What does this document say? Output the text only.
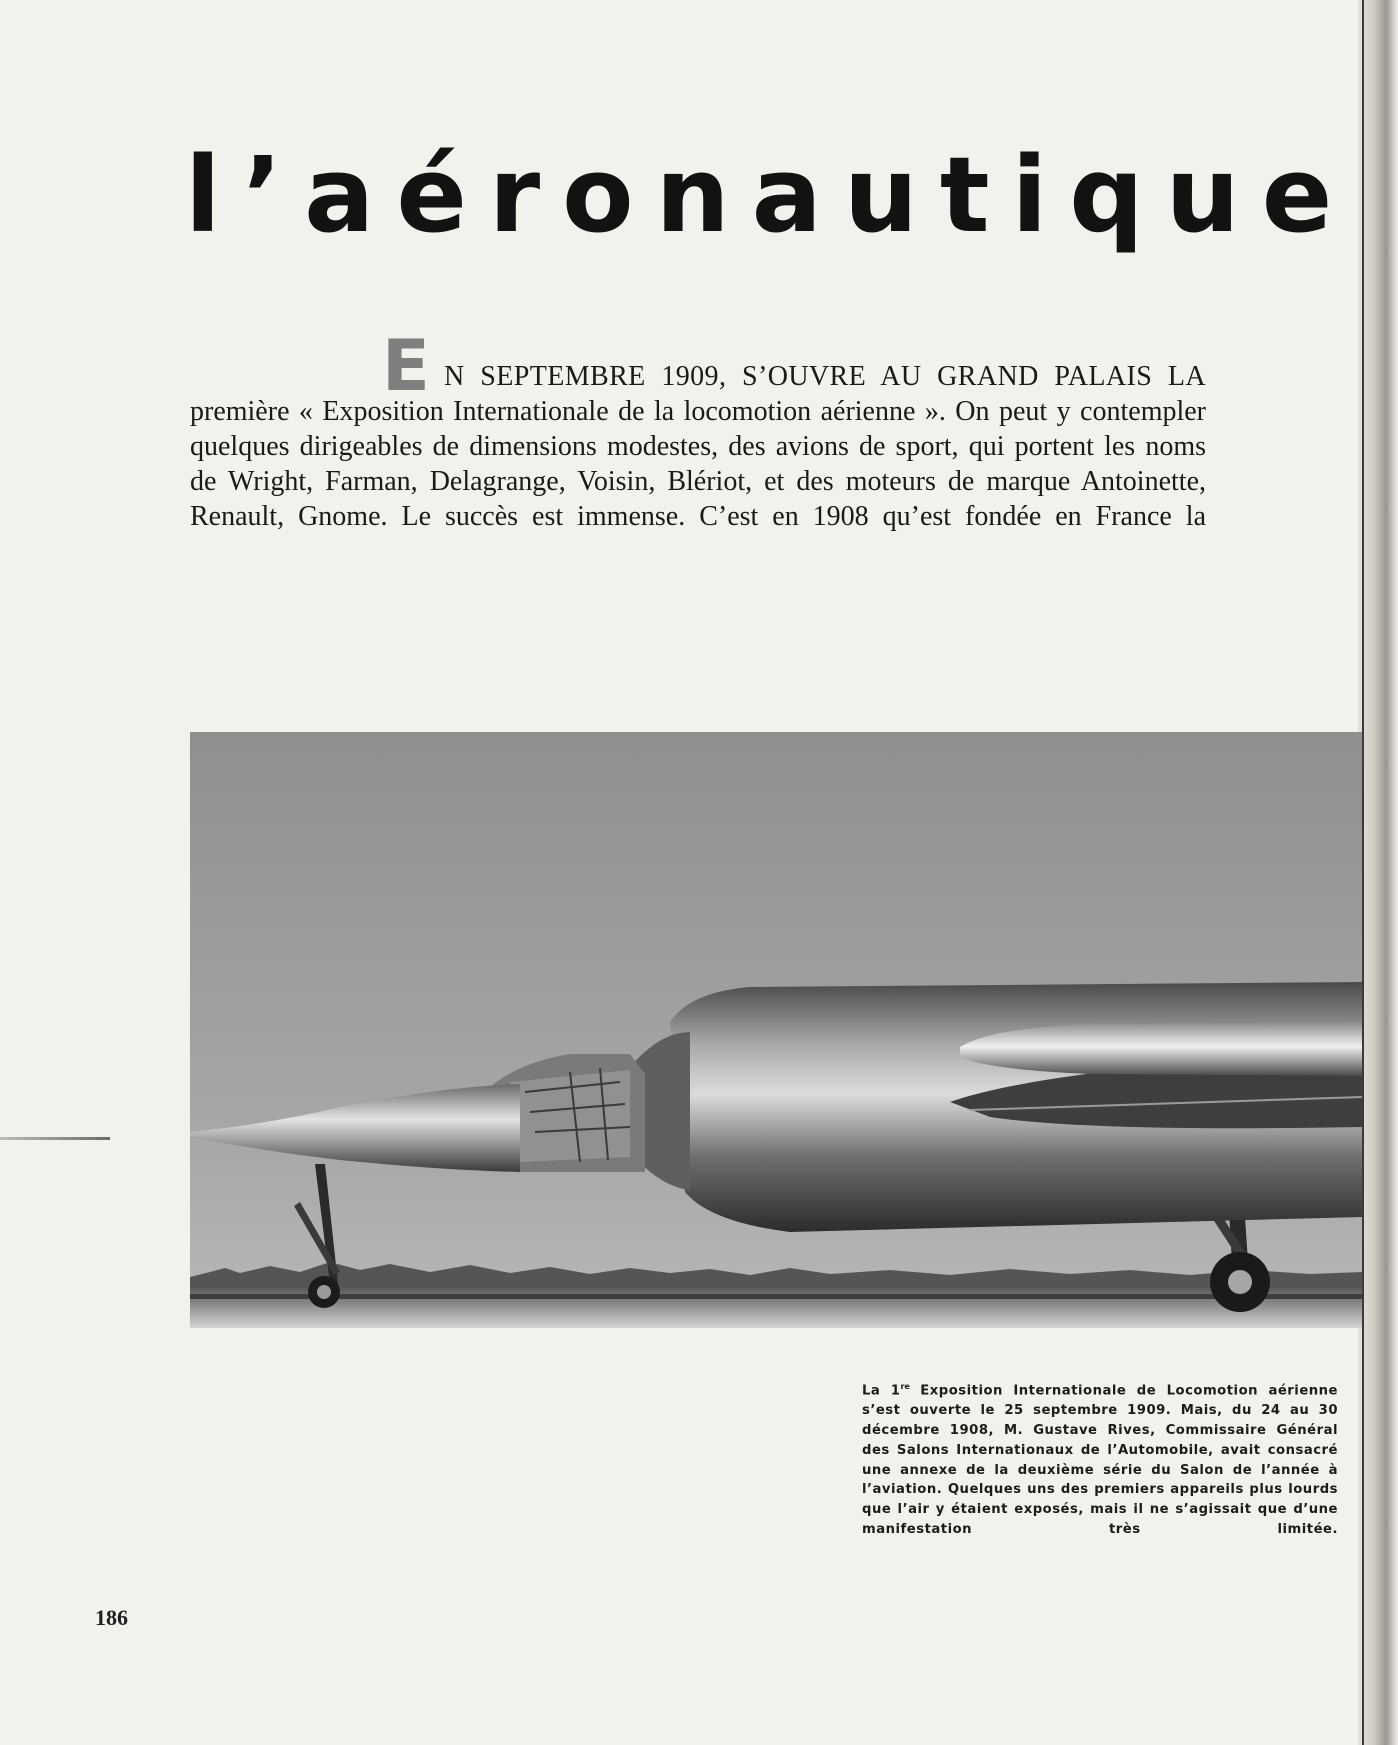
l’aéronautique
E N SEPTEMBRE 1909, S’OUVRE AU GRAND PALAIS LA

première « Exposition Internationale de la locomotion aérienne ». On peut y contempler

quelques dirigeables de dimensions modestes, des avions de sport, qui portent les noms

de Wright, Farman, Delagrange, Voisin, Blériot, et des moteurs de marque Antoinette,

Renault, Gnome. Le succès est immense. C’est en 1908 qu’est fondée en France la

La 1re Exposition Internationale de Locomotion aérienne s’est ouverte le 25 septembre 1909. Mais, du 24 au 30 décembre 1908, M. Gustave Rives, Commissaire Général des Salons Internationaux de l’Automobile, avait consacré une annexe de la deuxième série du Salon de l’année à l’aviation. Quelques uns des premiers appareils plus lourds que l’air y étaient exposés, mais il ne s’agissait que d’une manifestation très limitée.
186
